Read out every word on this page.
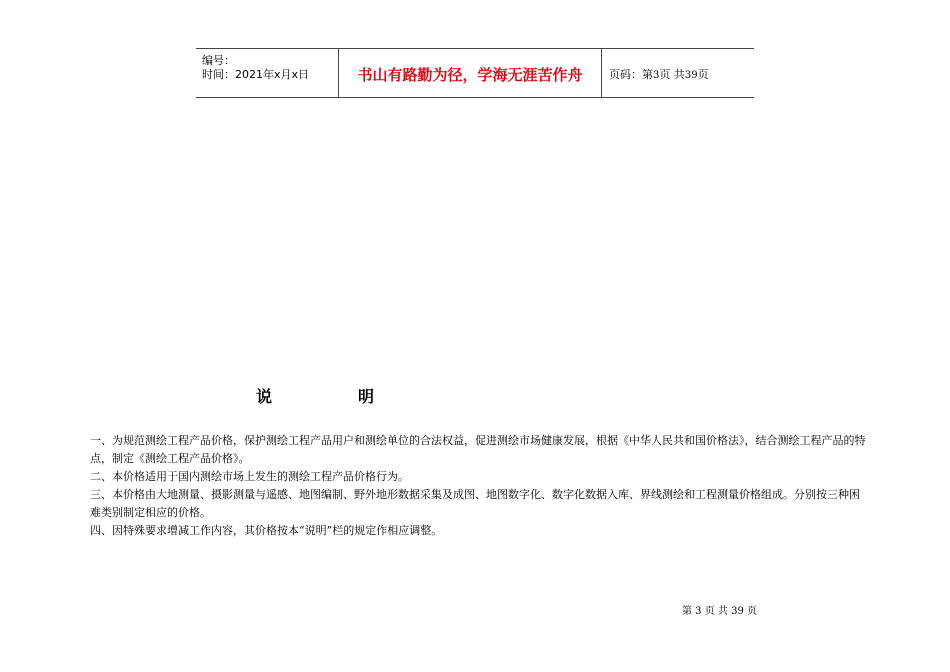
编号：
时间：2021年x月x日	书山有路勤为径，学海无涯苦作舟	页码：第3页 共39页
说	明

一、为规范测绘工程产品价格，保护测绘工程产品用户和测绘单位的合法权益，促进测绘市场健康发展，根据《中华人民共和国价格法》，结合测绘工程产品的特点，制定《测绘工程产品价格》。

二、本价格适用于国内测绘市场上发生的测绘工程产品价格行为。

三、本价格由大地测量、摄影测量与遥感、地图编制、野外地形数据采集及成图、地图数字化、数字化数据入库、界线测绘和工程测量价格组成。分别按三种困难类别制定相应的价格。

四、因特殊要求增减工作内容，其价格按本“说明”栏的规定作相应调整。

第 3 页 共 39 页
